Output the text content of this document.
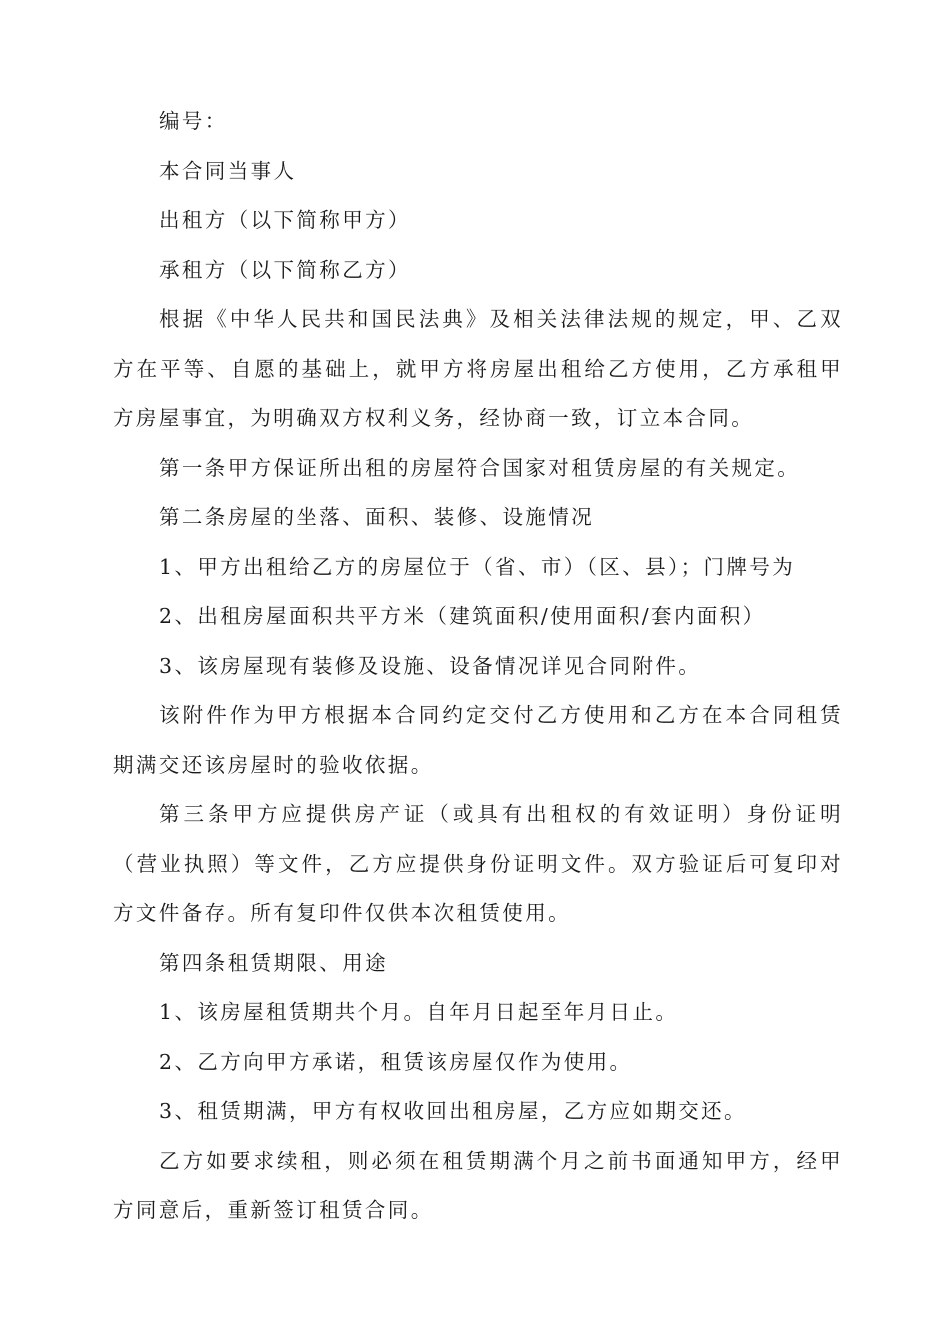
编号：

本合同当事人

出租方（以下简称甲方）

承租方（以下简称乙方）

根据《中华人民共和国民法典》及相关法律法规的规定，甲、乙双方在平等、自愿的基础上，就甲方将房屋出租给乙方使用，乙方承租甲方房屋事宜，为明确双方权利义务，经协商一致，订立本合同。

第一条甲方保证所出租的房屋符合国家对租赁房屋的有关规定。

第二条房屋的坐落、面积、装修、设施情况

1、甲方出租给乙方的房屋位于（省、市）（区、县）；门牌号为

2、出租房屋面积共平方米（建筑面积/使用面积/套内面积）

3、该房屋现有装修及设施、设备情况详见合同附件。

该附件作为甲方根据本合同约定交付乙方使用和乙方在本合同租赁期满交还该房屋时的验收依据。

第三条甲方应提供房产证（或具有出租权的有效证明）身份证明（营业执照）等文件，乙方应提供身份证明文件。双方验证后可复印对方文件备存。所有复印件仅供本次租赁使用。

第四条租赁期限、用途

1、该房屋租赁期共个月。自年月日起至年月日止。

2、乙方向甲方承诺，租赁该房屋仅作为使用。

3、租赁期满，甲方有权收回出租房屋，乙方应如期交还。

乙方如要求续租，则必须在租赁期满个月之前书面通知甲方，经甲方同意后，重新签订租赁合同。
